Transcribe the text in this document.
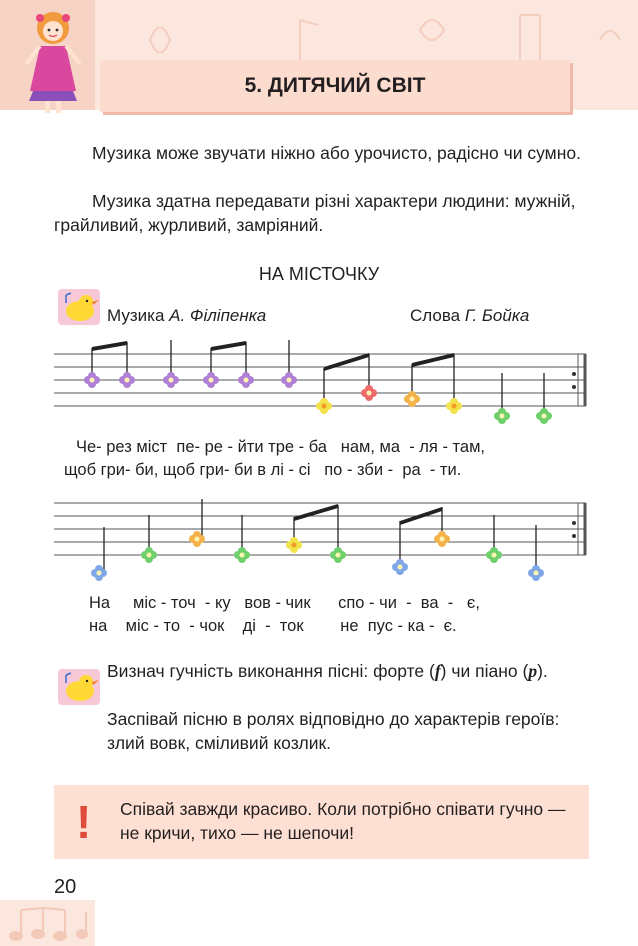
5. ДИТЯЧИЙ СВІТ

Музика може звучати ніжно або урочисто, радісно чи сумно.

Музика здатна передавати різні характери людини: мужній, грайливий, журливий, замріяний.

НА МІСТОЧКУ
Музика А. Філіпенка	Слова Г. Бойка
Че- рез міст  пе- ре - йти тре - ба   нам, ма  - ля - там,
щоб гри- би, щоб гри- би в лі - сі   по - зби -  ра  - ти.
На     міс - точ  - ку   вов - чик      спо - чи  -  ва  -   є,
на    міс - то  - чок    ді  -  ток        не  пус - ка -  є.
Визнач гучність виконання пісні: форте (f) чи піано (p).
Заспівай пісню в ролях відповідно до характерів героїв: злий вовк, сміливий козлик.
! Співай завжди красиво. Коли потрібно співати гучно — не кричи, тихо — не шепочи!
20
